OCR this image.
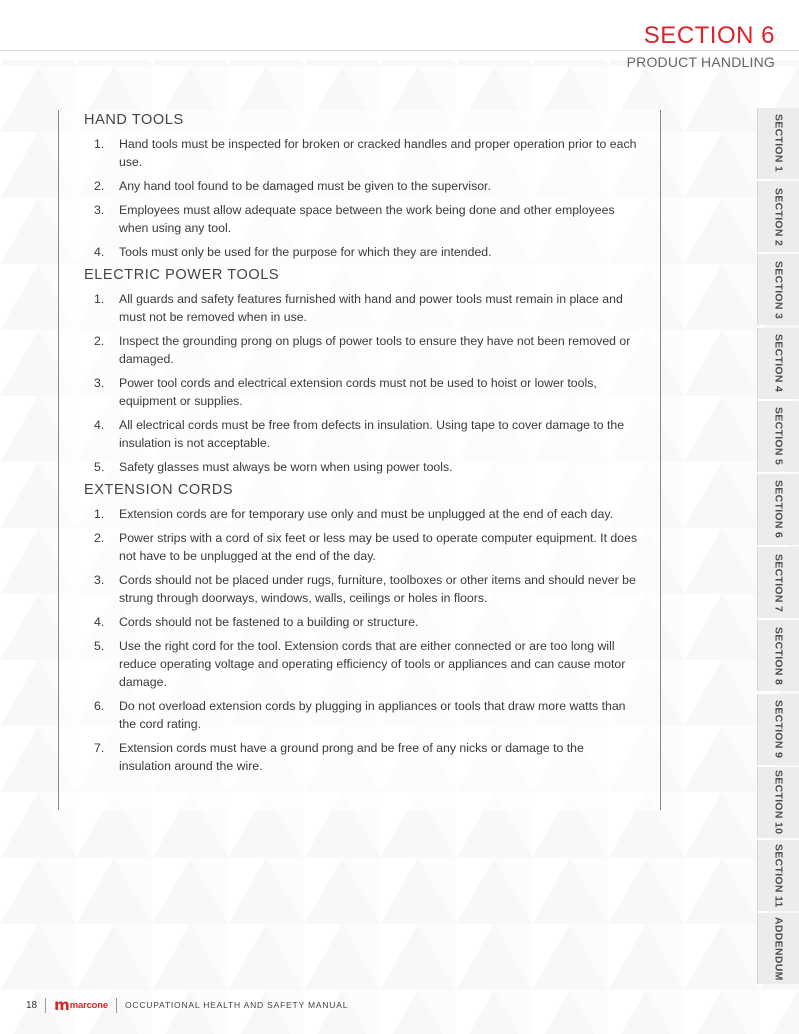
SECTION 6
PRODUCT HANDLING
HAND TOOLS
1. Hand tools must be inspected for broken or cracked handles and proper operation prior to each use.
2. Any hand tool found to be damaged must be given to the supervisor.
3. Employees must allow adequate space between the work being done and other employees when using any tool.
4. Tools must only be used for the purpose for which they are intended.
ELECTRIC POWER TOOLS
1. All guards and safety features furnished with hand and power tools must remain in place and must not be removed when in use.
2. Inspect the grounding prong on plugs of power tools to ensure they have not been removed or damaged.
3. Power tool cords and electrical extension cords must not be used to hoist or lower tools, equipment or supplies.
4. All electrical cords must be free from defects in insulation. Using tape to cover damage to the insulation is not acceptable.
5. Safety glasses must always be worn when using power tools.
EXTENSION CORDS
1. Extension cords are for temporary use only and must be unplugged at the end of each day.
2. Power strips with a cord of six feet or less may be used to operate computer equipment. It does not have to be unplugged at the end of the day.
3. Cords should not be placed under rugs, furniture, toolboxes or other items and should never be strung through doorways, windows, walls, ceilings or holes in floors.
4. Cords should not be fastened to a building or structure.
5. Use the right cord for the tool. Extension cords that are either connected or are too long will reduce operating voltage and operating efficiency of tools or appliances and can cause motor damage.
6. Do not overload extension cords by plugging in appliances or tools that draw more watts than the cord rating.
7. Extension cords must have a ground prong and be free of any nicks or damage to the insulation around the wire.
SECTION 1
SECTION 2
SECTION 3
SECTION 4
SECTION 5
SECTION 6
SECTION 7
SECTION 8
SECTION 9
SECTION 10
SECTION 11
ADDENDUM
18 m marcone OCCUPATIONAL HEALTH AND SAFETY MANUAL
